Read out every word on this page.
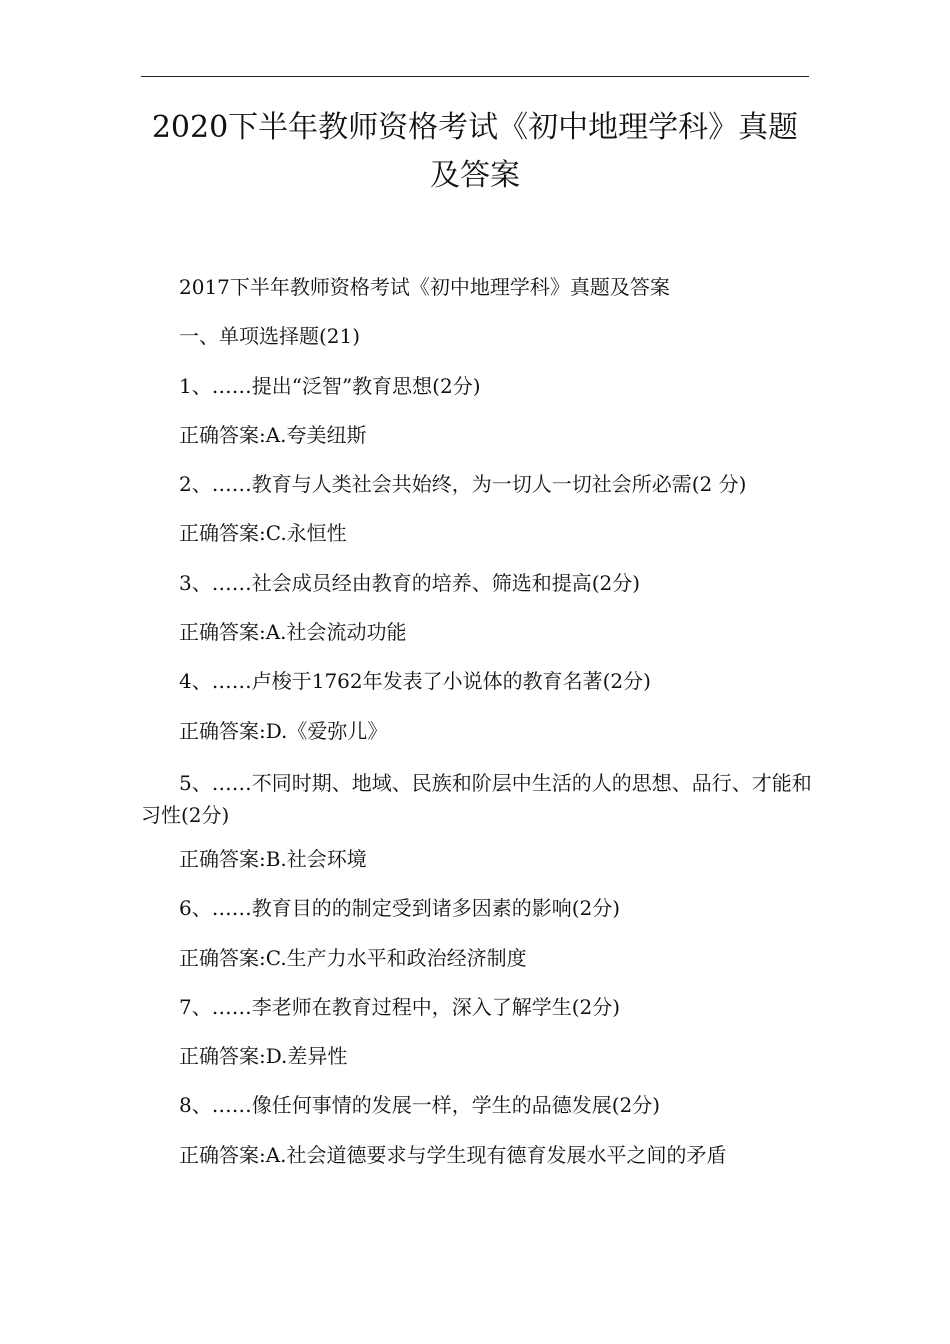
2020下半年教师资格考试《初中地理学科》真题
及答案

2017下半年教师资格考试《初中地理学科》真题及答案

一、单项选择题(21)

1、……提出“泛智”教育思想(2分)

正确答案:A.夸美纽斯

2、……教育与人类社会共始终，为一切人一切社会所必需(2 分)

正确答案:C.永恒性

3、……社会成员经由教育的培养、筛选和提高(2分)

正确答案:A.社会流动功能

4、……卢梭于1762年发表了小说体的教育名著(2分)

正确答案:D.《爱弥儿》

5、……不同时期、地域、民族和阶层中生活的人的思想、品行、才能和习性(2分)

正确答案:B.社会环境

6、……教育目的的制定受到诸多因素的影响(2分)

正确答案:C.生产力水平和政治经济制度

7、……李老师在教育过程中，深入了解学生(2分)

正确答案:D.差异性

8、……像任何事情的发展一样，学生的品德发展(2分)

正确答案:A.社会道德要求与学生现有德育发展水平之间的矛盾
